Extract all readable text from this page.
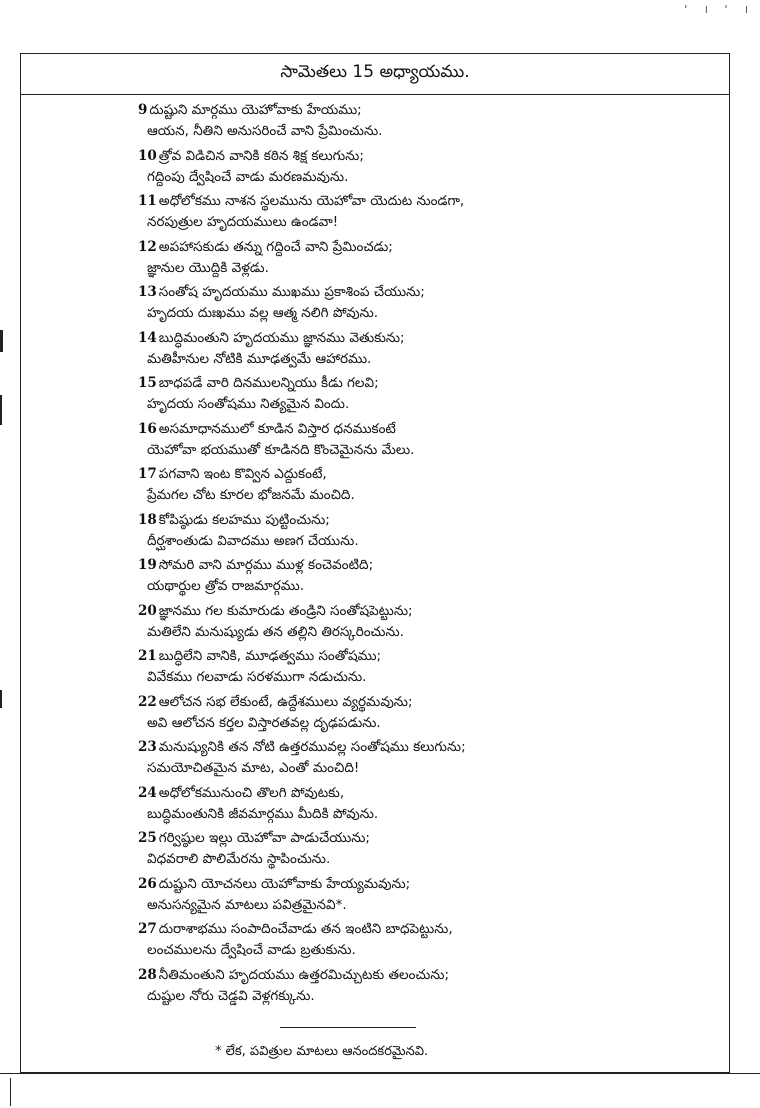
' । ' ।
సామెతలు 15 అధ్యాయము.
9 దుష్టుని మార్గము యెహోవాకు హేయము;
ఆయన, నీతిని అనుసరించే వాని ప్రేమించును.
10 త్రోవ విడిచిన వానికి కఠిన శిక్ష కలుగును;
గద్దింపు ద్వేషించే వాడు మరణమవును.
11 అధోలోకము నాశన స్థలమును యెహోవా యెదుట నుండగా,
నరపుత్రుల హృదయములు ఉండవా!
12 అపహాసకుడు తన్ను గద్దించే వాని ప్రేమించడు;
జ్ఞానుల యొద్దికి వెళ్లడు.
13 సంతోష హృదయము ముఖము ప్రకాశింప చేయును;
హృదయ దుఃఖము వల్ల ఆత్మ నలిగి పోవును.
14 బుద్ధిమంతుని హృదయము జ్ఞానము వెతుకును;
మతిహీనుల నోటికి మూఢత్వమే ఆహారము.
15 బాధపడే వారి దినములన్నియు కీడు గలవి;
హృదయ సంతోషము నిత్యమైన విందు.
16 అసమాధానములో కూడిన విస్తార ధనముకంటే
యెహోవా భయముతో కూడినది కొంచెమైనను మేలు.
17 పగవాని ఇంట కొవ్విన ఎద్దుకంటే,
ప్రేమగల చోట కూరల భోజనమే మంచిది.
18 కోపిష్ఠుడు కలహము పుట్టించును;
దీర్ఘశాంతుడు వివాదము అణగ చేయును.
19 సోమరి వాని మార్గము ముళ్ల కంచెవంటిది;
యథార్థుల త్రోవ రాజమార్గము.
20 జ్ఞానము గల కుమారుడు తండ్రిని సంతోషపెట్టును;
మతిలేని మనుష్యుడు తన తల్లిని తిరస్కరించును.
21 బుద్ధిలేని వానికి, మూఢత్వము సంతోషము;
వివేకము గలవాడు సరళముగా నడుచును.
22 ఆలోచన సభ లేకుంటే, ఉద్దేశములు వ్యర్థమవును;
అవి ఆలోచన కర్తల విస్తారతవల్ల దృఢపడును.
23 మనుష్యునికి తన నోటి ఉత్తరమువల్ల సంతోషము కలుగును;
సమయోచితమైన మాట, ఎంతో మంచిది!
24 అధోలోకమునుంచి తొలగి పోవుటకు,
బుద్ధిమంతునికి జీవమార్గము మీదికి పోవును.
25 గర్విష్ఠుల ఇల్లు యెహోవా పాడుచేయును;
విధవరాలి పొలిమేరను స్థాపించును.
26 దుష్టుని యోచనలు యెహోవాకు హేయ్యమవును;
అనుసన్యమైన మాటలు పవిత్రమైనవి*.
27 దురాశాభము సంపాదించేవాడు తన ఇంటిని బాధపెట్టును,
లంచములను ద్వేషించే వాడు బ్రతుకును.
28 నీతిమంతుని హృదయము ఉత్తరమిచ్చుటకు తలంచును;
దుష్టుల నోరు చెడ్డవి వెళ్లగక్కును.
* లేక, పవిత్రుల మాటలు ఆనందకరమైనవి.
